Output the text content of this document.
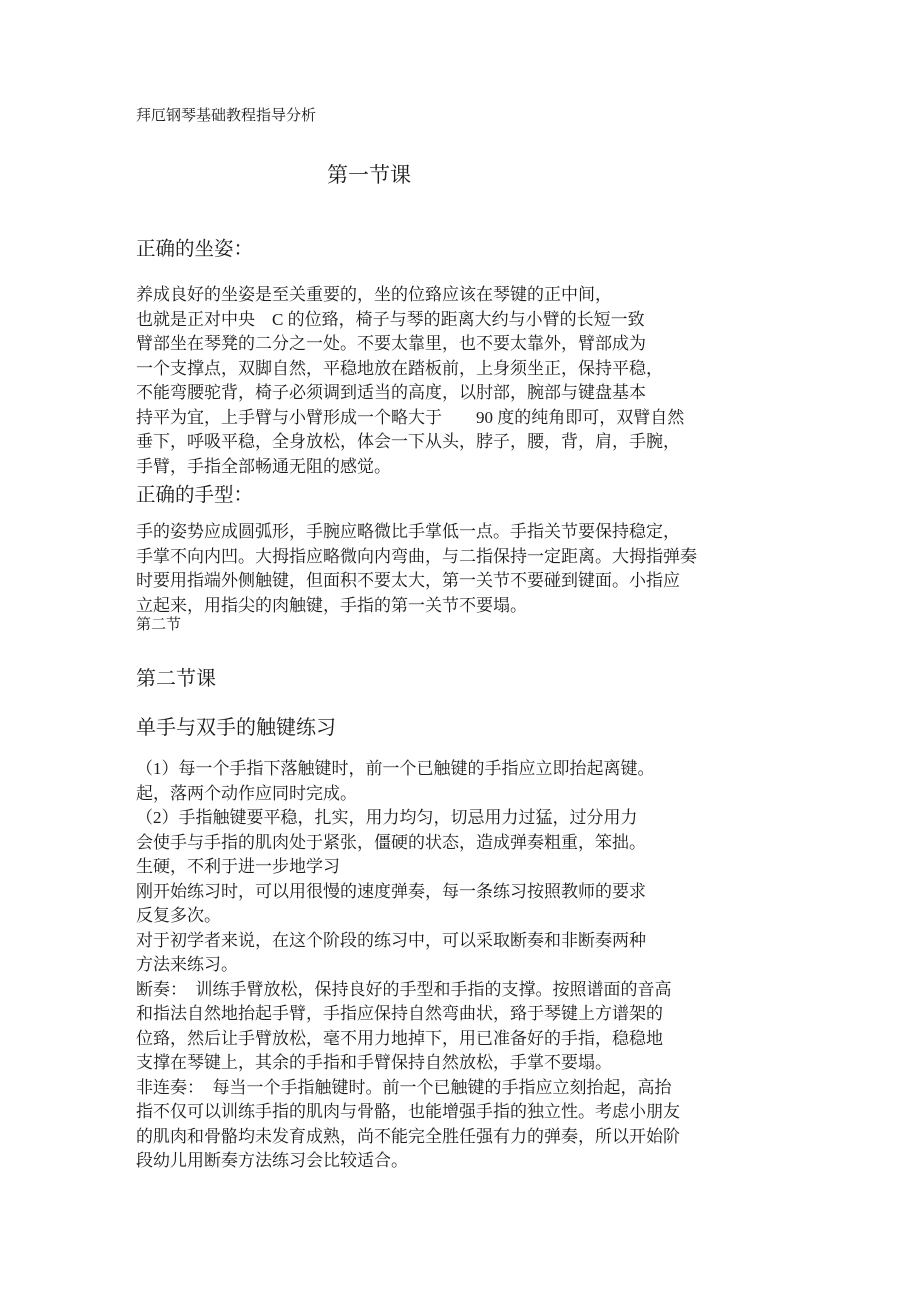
拜厄钢琴基础教程指导分析
第一节课
正确的坐姿：
养成良好的坐姿是至关重要的，坐的位臵应该在琴键的正中间，
也就是正对中央    C 的位臵，椅子与琴的距离大约与小臂的长短一致
臂部坐在琴凳的二分之一处。不要太靠里，也不要太靠外，臂部成为
一个支撑点，双脚自然，平稳地放在踏板前，上身须坐正，保持平稳，
不能弯腰驼背，椅子必须调到适当的高度，以肘部，腕部与键盘基本
持平为宜，上手臂与小臂形成一个略大于        90 度的纯角即可，双臂自然
垂下，呼吸平稳，全身放松，体会一下从头，脖子，腰，背，肩，手腕，
手臂，手指全部畅通无阻的感觉。
正确的手型：
手的姿势应成圆弧形，手腕应略微比手掌低一点。手指关节要保持稳定，
手掌不向内凹。大拇指应略微向内弯曲，与二指保持一定距离。大拇指弹奏
时要用指端外侧触键，但面积不要太大，第一关节不要碰到键面。小指应
立起来，用指尖的肉触键，手指的第一关节不要塌。
第二节
第二节课
单手与双手的触键练习
（1）每一个手指下落触键时，前一个已触键的手指应立即抬起离键。
起，落两个动作应同时完成。
（2）手指触键要平稳，扎实，用力均匀，切忌用力过猛，过分用力
会使手与手指的肌肉处于紧张，僵硬的状态，造成弹奏粗重，笨拙。
生硬，不利于进一步地学习
刚开始练习时，可以用很慢的速度弹奏，每一条练习按照教师的要求
反复多次。
对于初学者来说，在这个阶段的练习中，可以采取断奏和非断奏两种
方法来练习。
断奏：  训练手臂放松，保持良好的手型和手指的支撑。按照谱面的音高
和指法自然地抬起手臂，手指应保持自然弯曲状，臵于琴键上方谱架的
位臵，然后让手臂放松，毫不用力地掉下，用已准备好的手指，稳稳地
支撑在琴键上，其余的手指和手臂保持自然放松，手掌不要塌。
非连奏：  每当一个手指触键时。前一个已触键的手指应立刻抬起，高抬
指不仅可以训练手指的肌肉与骨骼，也能增强手指的独立性。考虑小朋友
的肌肉和骨骼均未发育成熟，尚不能完全胜任强有力的弹奏，所以开始阶
段幼儿用断奏方法练习会比较适合。
